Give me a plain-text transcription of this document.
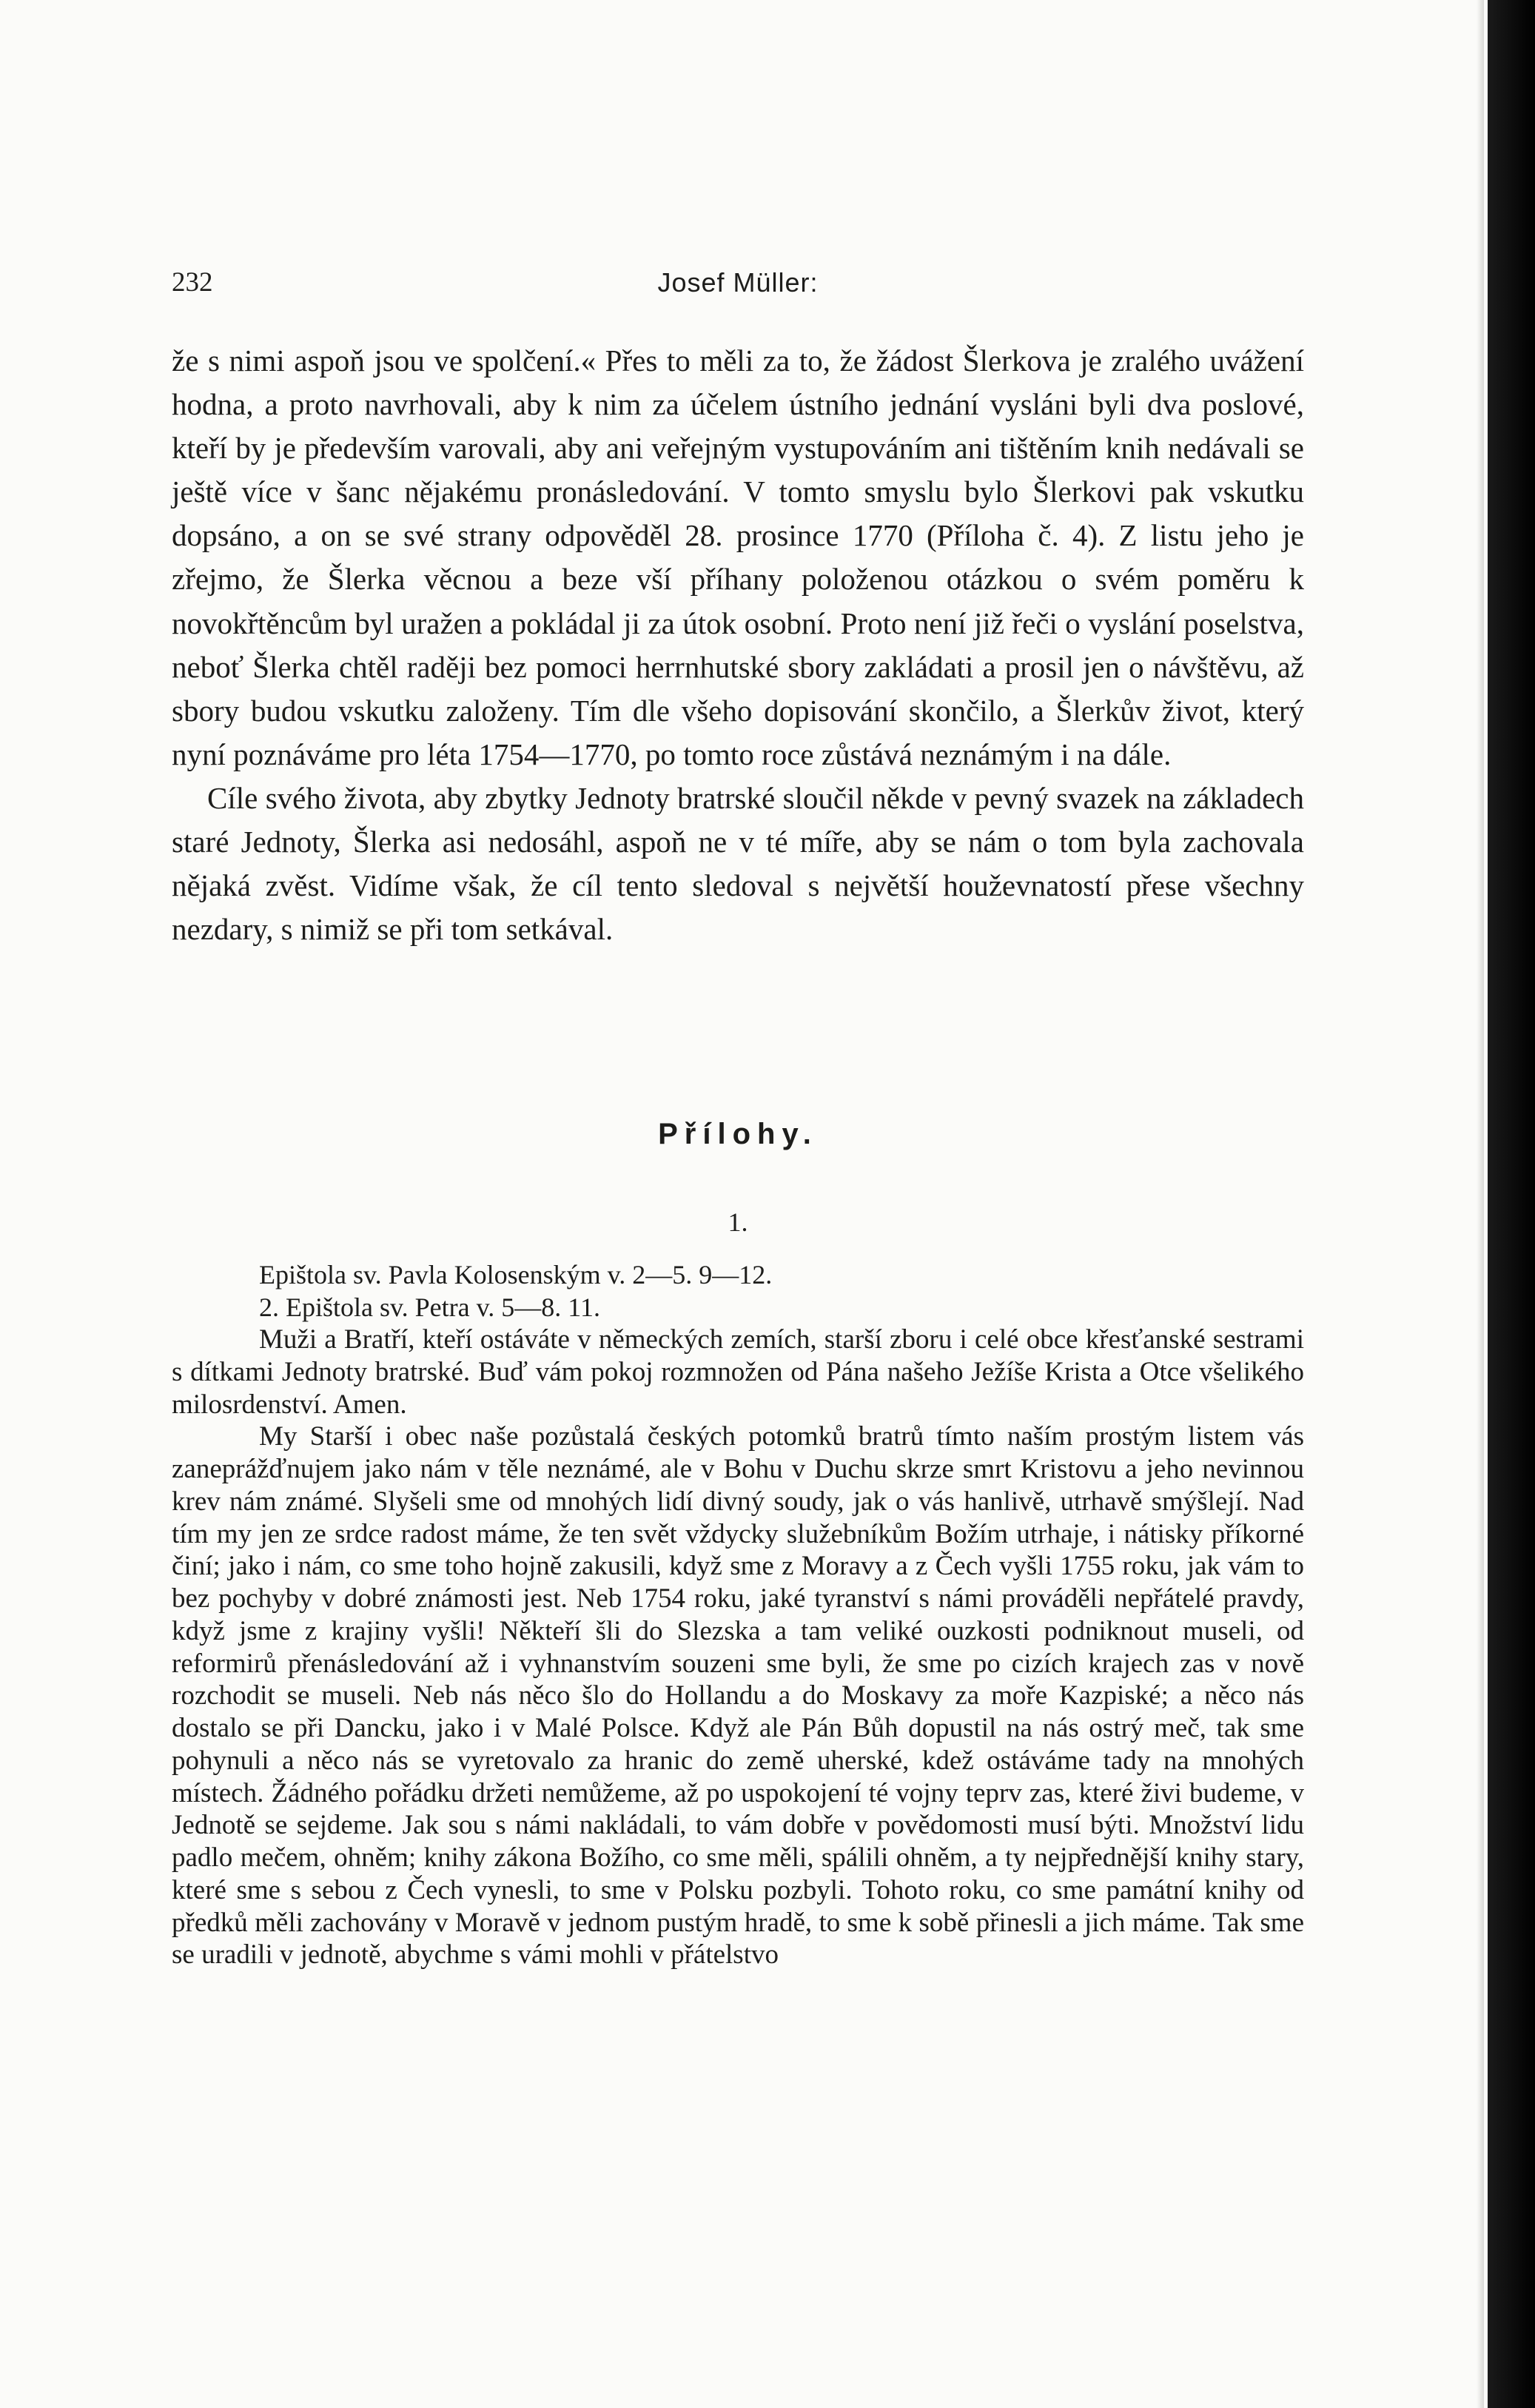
232	Josef Müller:

že s nimi aspoň jsou ve spolčení.« Přes to měli za to, že žádost Šlerkova je zralého uvážení hodna, a proto navrhovali, aby k nim za účelem ústního jednání vysláni byli dva poslové, kteří by je především varovali, aby ani veřejným vystupováním ani tištěním knih nedávali se ještě více v šanc nějakému pronásledování. V tomto smyslu bylo Šlerkovi pak vskutku dopsáno, a on se své strany odpověděl 28. prosince 1770 (Příloha č. 4). Z listu jeho je zřejmo, že Šlerka věcnou a beze vší příhany položenou otázkou o svém poměru k novokřtěncům byl uražen a pokládal ji za útok osobní. Proto není již řeči o vyslání poselstva, neboť Šlerka chtěl raději bez pomoci herrnhutské sbory zakládati a prosil jen o návštěvu, až sbory budou vskutku založeny. Tím dle všeho dopisování skončilo, a Šlerkův život, který nyní poznáváme pro léta 1754—1770, po tomto roce zůstává neznámým i na dále.

Cíle svého života, aby zbytky Jednoty bratrské sloučil někde v pevný svazek na základech staré Jednoty, Šlerka asi nedosáhl, aspoň ne v té míře, aby se nám o tom byla zachovala nějaká zvěst. Vidíme však, že cíl tento sledoval s největší houževnatostí přese všechny nezdary, s nimiž se při tom setkával.

Přílohy.
1.
Epištola sv. Pavla Kolosenským v. 2—5. 9—12.
2. Epištola sv. Petra v. 5—8. 11.

Muži a Bratří, kteří ostáváte v německých zemích, starší zboru i celé obce křesťanské sestrami s dítkami Jednoty bratrské. Buď vám pokoj rozmnožen od Pána našeho Ježíše Krista a Otce všelikého milosrdenství. Amen.

My Starší i obec naše pozůstalá českých potomků bratrů tímto naším prostým listem vás zaneprážďnujem jako nám v těle neznámé, ale v Bohu v Duchu skrze smrt Kristovu a jeho nevinnou krev nám známé. Slyšeli sme od mnohých lidí divný soudy, jak o vás hanlivě, utrhavě smýšlejí. Nad tím my jen ze srdce radost máme, že ten svět vždycky služebníkům Božím utrhaje, i nátisky příkorné činí; jako i nám, co sme toho hojně zakusili, když sme z Moravy a z Čech vyšli 1755 roku, jak vám to bez pochyby v dobré známosti jest. Neb 1754 roku, jaké tyranství s námi prováděli nepřátelé pravdy, když jsme z krajiny vyšli! Někteří šli do Slezska a tam veliké ouzkosti podniknout museli, od reformirů přenásledování až i vyhnanstvím souzeni sme byli, že sme po cizích krajech zas v nově rozchodit se museli. Neb nás něco šlo do Hollandu a do Moskavy za moře Kazpiské; a něco nás dostalo se při Dancku, jako i v Malé Polsce. Když ale Pán Bůh dopustil na nás ostrý meč, tak sme pohynuli a něco nás se vyretovalo za hranic do země uherské, kdež ostáváme tady na mnohých místech. Žádného pořádku držeti nemůžeme, až po uspokojení té vojny teprv zas, které živi budeme, v Jednotě se sejdeme. Jak sou s námi nakládali, to vám dobře v povědomosti musí býti. Množství lidu padlo mečem, ohněm; knihy zákona Božího, co sme měli, spálili ohněm, a ty nejpřednější knihy stary, které sme s sebou z Čech vynesli, to sme v Polsku pozbyli. Tohoto roku, co sme památní knihy od předků měli zachovány v Moravě v jednom pustým hradě, to sme k sobě přinesli a jich máme. Tak sme se uradili v jednotě, abychme s vámi mohli v přátelstvo
